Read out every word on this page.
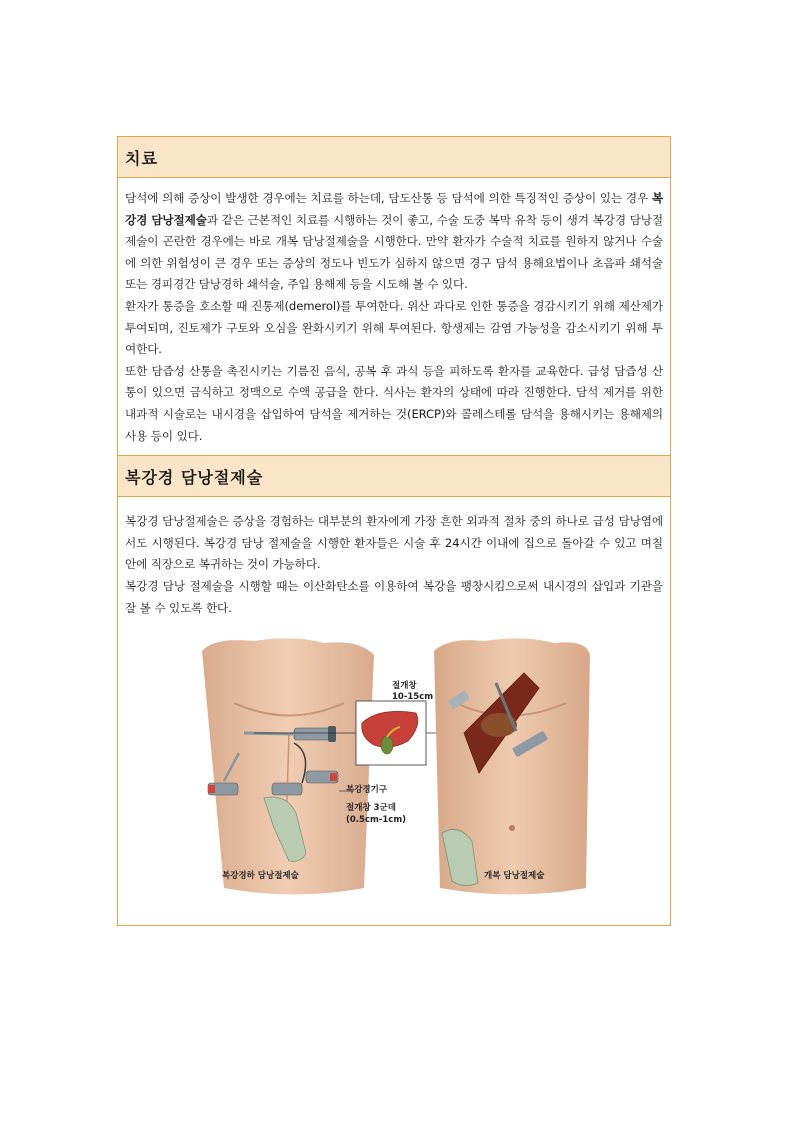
치료

담석에 의해 증상이 발생한 경우에는 치료를 하는데, 담도산통 등 담석에 의한 특징적인 증상이 있는 경우 복강경 담낭절제술과 같은 근본적인 치료를 시행하는 것이 좋고, 수술 도중 복막 유착 등이 생겨 복강경 담낭절제술이 곤란한 경우에는 바로 개복 담낭절제술을 시행한다. 만약 환자가 수술적 치료를 원하지 않거나 수술에 의한 위험성이 큰 경우 또는 증상의 정도나 빈도가 심하지 않으면 경구 담석 용해요법이나 초음파 쇄석술 또는 경피경간 담낭경하 쇄석술, 주입 용해제 등을 시도해 볼 수 있다.

환자가 통증을 호소할 때 진통제(demerol)를 투여한다. 위산 과다로 인한 통증을 경감시키기 위해 제산제가 투여되며, 진토제가 구토와 오심을 완화시키기 위해 투여된다. 항생제는 감염 가능성을 감소시키기 위해 투여한다.

또한 담즙성 산통을 촉진시키는 기름진 음식, 공복 후 과식 등을 피하도록 환자를 교육한다. 급성 담즙성 산통이 있으면 금식하고 정맥으로 수액 공급을 한다. 식사는 환자의 상태에 따라 진행한다. 담석 제거를 위한 내과적 시술로는 내시경을 삽입하여 담석을 제거하는 것(ERCP)와 콜레스테롤 담석을 용해시키는 용해제의 사용 등이 있다.

복강경 담낭절제술

복강경 담낭절제술은 증상을 경험하는 대부분의 환자에게 가장 흔한 외과적 절차 중의 하나로 급성 담낭염에서도 시행된다. 복강경 담낭 절제술을 시행한 환자들은 시술 후 24시간 이내에 집으로 돌아갈 수 있고 며칠 안에 직장으로 복귀하는 것이 가능하다.

복강경 담낭 절제술을 시행할 때는 이산화탄소를 이용하여 복강을 팽창시킴으로써 내시경의 삽입과 기관을 잘 볼 수 있도록 한다.

절개창
10-15cm
복강경기구
절개창 3군데
(0.5cm-1cm)
복강경하 담낭절제술	개복 담낭절제술
